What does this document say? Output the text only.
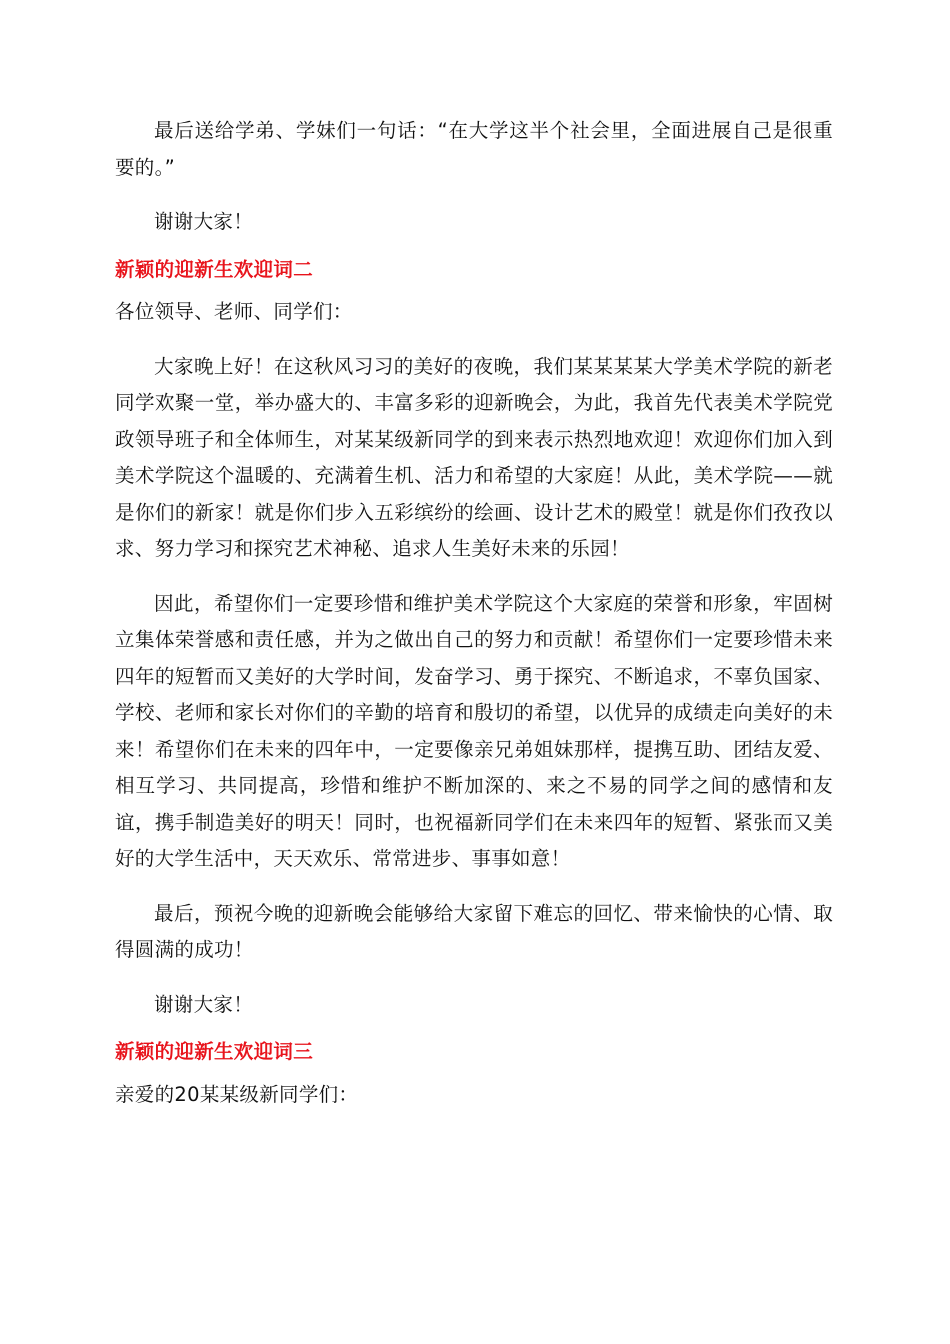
最后送给学弟、学妹们一句话：“在大学这半个社会里，全面进展自己是很重要的。”

谢谢大家！

新颖的迎新生欢迎词二

各位领导、老师、同学们：

大家晚上好！在这秋风习习的美好的夜晚，我们某某某某大学美术学院的新老同学欢聚一堂，举办盛大的、丰富多彩的迎新晚会，为此，我首先代表美术学院党政领导班子和全体师生，对某某级新同学的到来表示热烈地欢迎！欢迎你们加入到美术学院这个温暖的、充满着生机、活力和希望的大家庭！从此，美术学院——就是你们的新家！就是你们步入五彩缤纷的绘画、设计艺术的殿堂！就是你们孜孜以求、努力学习和探究艺术神秘、追求人生美好未来的乐园！

因此，希望你们一定要珍惜和维护美术学院这个大家庭的荣誉和形象，牢固树立集体荣誉感和责任感，并为之做出自己的努力和贡献！希望你们一定要珍惜未来四年的短暂而又美好的大学时间，发奋学习、勇于探究、不断追求，不辜负国家、学校、老师和家长对你们的辛勤的培育和殷切的希望，以优异的成绩走向美好的未来！希望你们在未来的四年中，一定要像亲兄弟姐妹那样，提携互助、团结友爱、相互学习、共同提高，珍惜和维护不断加深的、来之不易的同学之间的感情和友谊，携手制造美好的明天！同时，也祝福新同学们在未来四年的短暂、紧张而又美好的大学生活中，天天欢乐、常常进步、事事如意！

最后，预祝今晚的迎新晚会能够给大家留下难忘的回忆、带来愉快的心情、取得圆满的成功！

谢谢大家！

新颖的迎新生欢迎词三

亲爱的20某某级新同学们：
